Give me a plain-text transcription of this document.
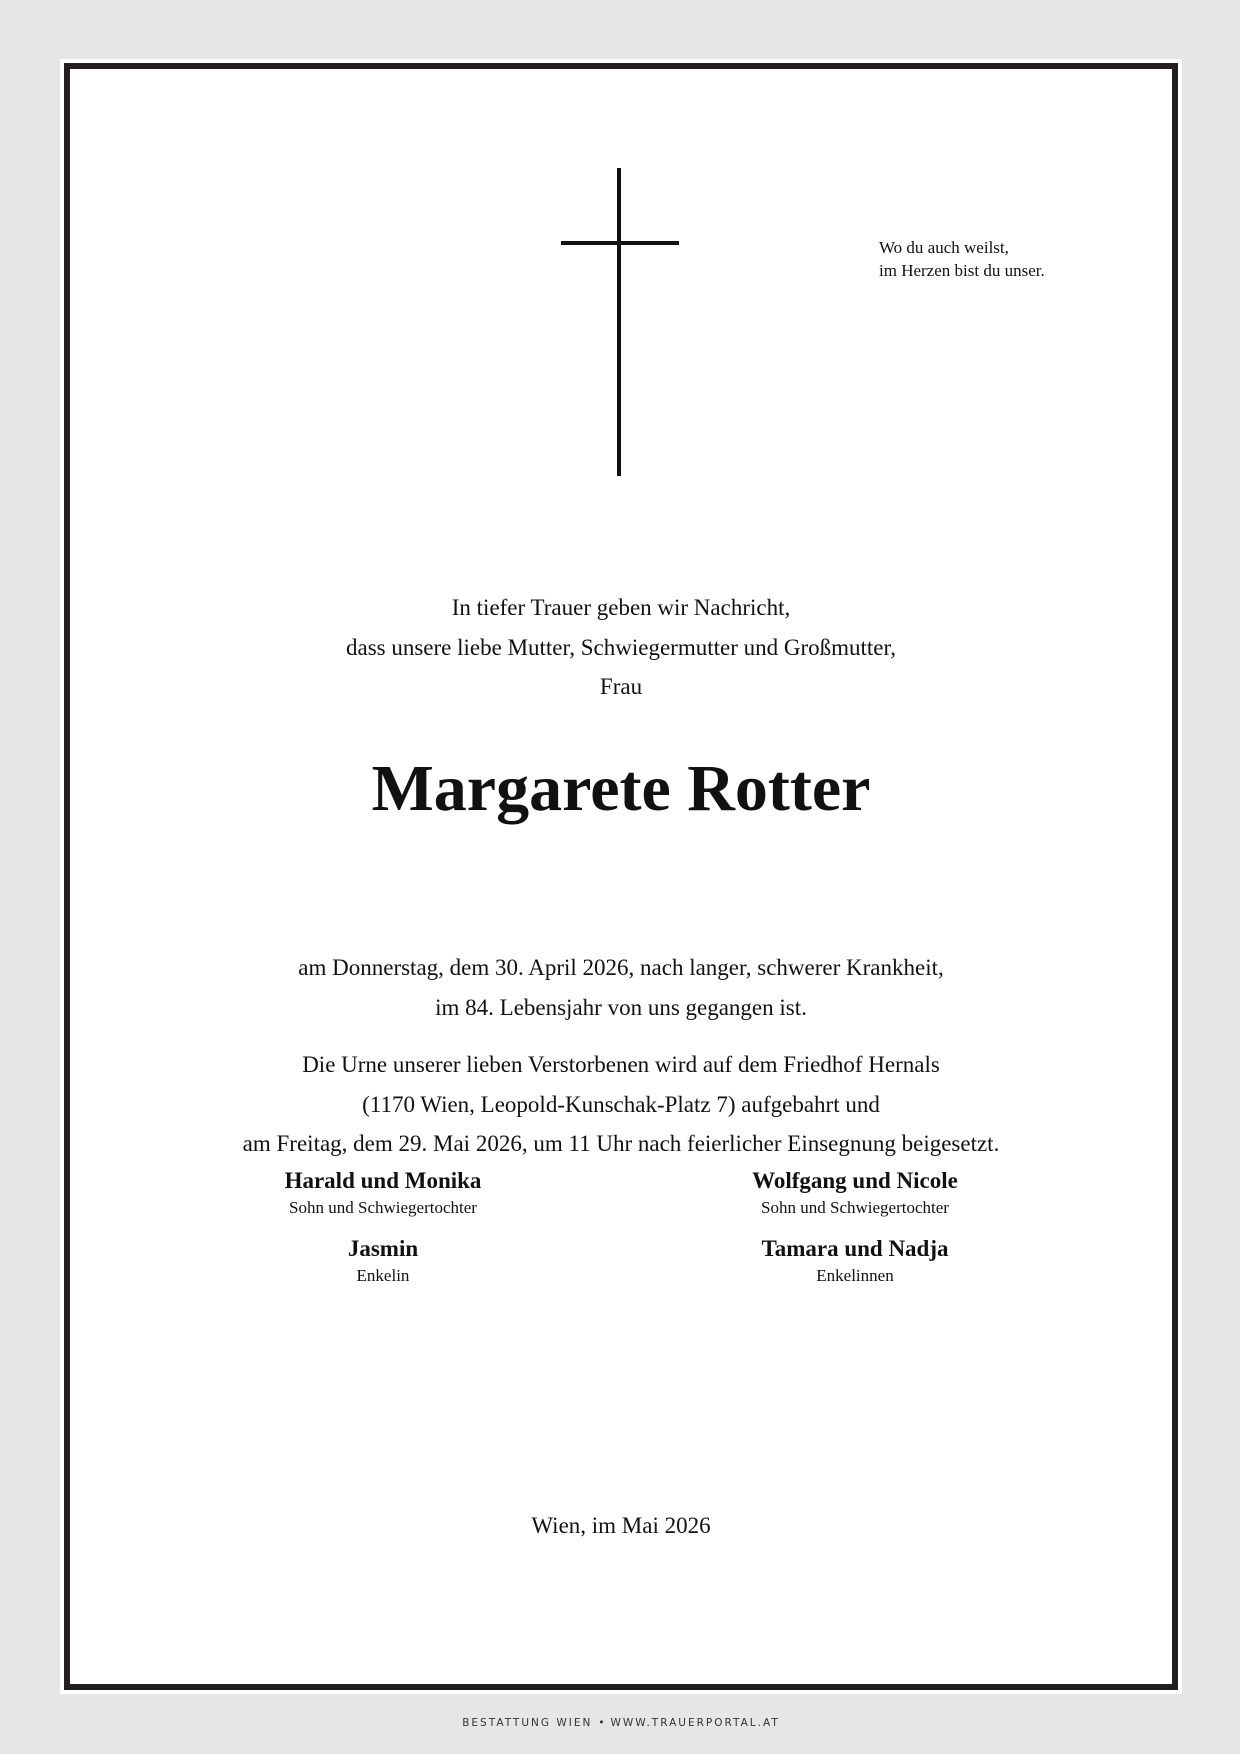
Wo du auch weilst,
im Herzen bist du unser.
In tiefer Trauer geben wir Nachricht,
dass unsere liebe Mutter, Schwiegermutter und Großmutter,
Frau
Margarete Rotter
am Donnerstag, dem 30. April 2026, nach langer, schwerer Krankheit,
im 84. Lebensjahr von uns gegangen ist.
Die Urne unserer lieben Verstorbenen wird auf dem Friedhof Hernals
(1170 Wien, Leopold-Kunschak-Platz 7) aufgebahrt und
am Freitag, dem 29. Mai 2026, um 11 Uhr nach feierlicher Einsegnung beigesetzt.
Harald und Monika
Sohn und Schwiegertochter
Wolfgang und Nicole
Sohn und Schwiegertochter
Jasmin
Enkelin
Tamara und Nadja
Enkelinnen
Wien, im Mai 2026
BESTATTUNG WIEN • WWW.TRAUERPORTAL.AT
